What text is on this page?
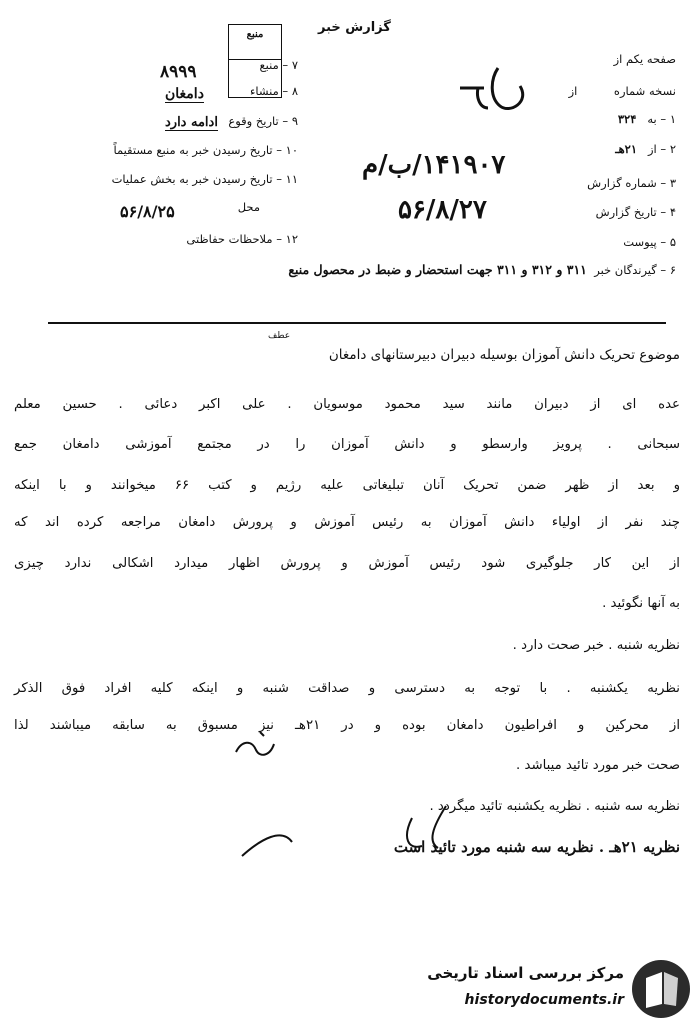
گزارش خبر
منبع
صفحه یکم از
نسخه شماره          از
۱ – به   ۳۲۴
۲ – از   ۲۱هـ
۳ – شماره گزارش
۴ – تاریخ گزارش
۵ – پیوست
۶ – گیرندگان خبر  ۳۱۱ و ۳۱۲ و ۳۱۱ جهت استحضار و ضبط در محصول منبع
۱۴۱۹۰۷/ب/م
۵۶/۸/۲۷
۷ – منبع
۸ – منشاء
۹ – تاریخ وقوع
۱۰ – تاریخ رسیدن خبر به منبع مستقیماً
۱۱ – تاریخ رسیدن خبر به بخش عملیات
محل
۱۲ – ملاحظات حفاظتی
۸۹۹۹
دامغان
ادامه دارد
۵۶/۸/۲۵
عطف
موضوع تحریک دانش آموزان بوسیله دبیران دبیرستانهای دامغان
عده ای از دبیران مانند سید محمود موسویان . علی اکبر دعائی . حسین معلم
سبحانی . پرویز وارسطو و دانش آموزان را در مجتمع آموزشی دامغان جمع
و بعد از ظهر ضمن تحریک آنان تبلیغاتی علیه رژیم و کتب ۶۶ میخوانند و با اینکه
چند نفر از اولیاء دانش آموزان به رئیس آموزش و پرورش دامغان مراجعه کرده اند که
از این کار جلوگیری شود رئیس آموزش و پرورش اظهار میدارد اشکالی ندارد چیزی
به آنها نگوئید .
نظریه شنبه . خبر صحت دارد .
نظریه یکشنبه . با توجه به دسترسی و صداقت شنبه و اینکه کلیه افراد فوق الذکر
از محرکین و افراطیون دامغان بوده و در ۲۱هـ نیز مسبوق به سابقه میباشند لذا
صحت خبر مورد تائید میباشد .
نظریه سه شنبه . نظریه یکشنبه تائید میگردد .
نظریه ۲۱هـ . نظریه سه شنبه مورد تائید است
مرکز بررسی اسناد تاریخی
historydocuments.ir
